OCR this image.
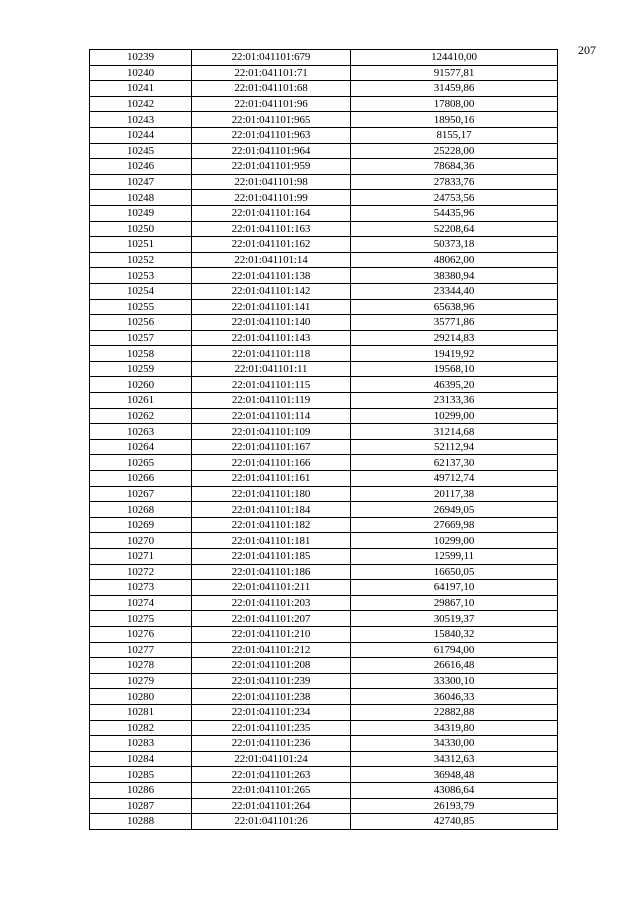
207
10239	22:01:041101:679	124410,00
10240	22:01:041101:71	91577,81
10241	22:01:041101:68	31459,86
10242	22:01:041101:96	17808,00
10243	22:01:041101:965	18950,16
10244	22:01:041101:963	8155,17
10245	22:01:041101:964	25228,00
10246	22:01:041101:959	78684,36
10247	22:01:041101:98	27833,76
10248	22:01:041101:99	24753,56
10249	22:01:041101:164	54435,96
10250	22:01:041101:163	52208,64
10251	22:01:041101:162	50373,18
10252	22:01:041101:14	48062,00
10253	22:01:041101:138	38380,94
10254	22:01:041101:142	23344,40
10255	22:01:041101:141	65638,96
10256	22:01:041101:140	35771,86
10257	22:01:041101:143	29214,83
10258	22:01:041101:118	19419,92
10259	22:01:041101:11	19568,10
10260	22:01:041101:115	46395,20
10261	22:01:041101:119	23133,36
10262	22:01:041101:114	10299,00
10263	22:01:041101:109	31214,68
10264	22:01:041101:167	52112,94
10265	22:01:041101:166	62137,30
10266	22:01:041101:161	49712,74
10267	22:01:041101:180	20117,38
10268	22:01:041101:184	26949,05
10269	22:01:041101:182	27669,98
10270	22:01:041101:181	10299,00
10271	22:01:041101:185	12599,11
10272	22:01:041101:186	16650,05
10273	22:01:041101:211	64197,10
10274	22:01:041101:203	29867,10
10275	22:01:041101:207	30519,37
10276	22:01:041101:210	15840,32
10277	22:01:041101:212	61794,00
10278	22:01:041101:208	26616,48
10279	22:01:041101:239	33300,10
10280	22:01:041101:238	36046,33
10281	22:01:041101:234	22882,88
10282	22:01:041101:235	34319,80
10283	22:01:041101:236	34330,00
10284	22:01:041101:24	34312,63
10285	22:01:041101:263	36948,48
10286	22:01:041101:265	43086,64
10287	22:01:041101:264	26193,79
10288	22:01:041101:26	42740,85
